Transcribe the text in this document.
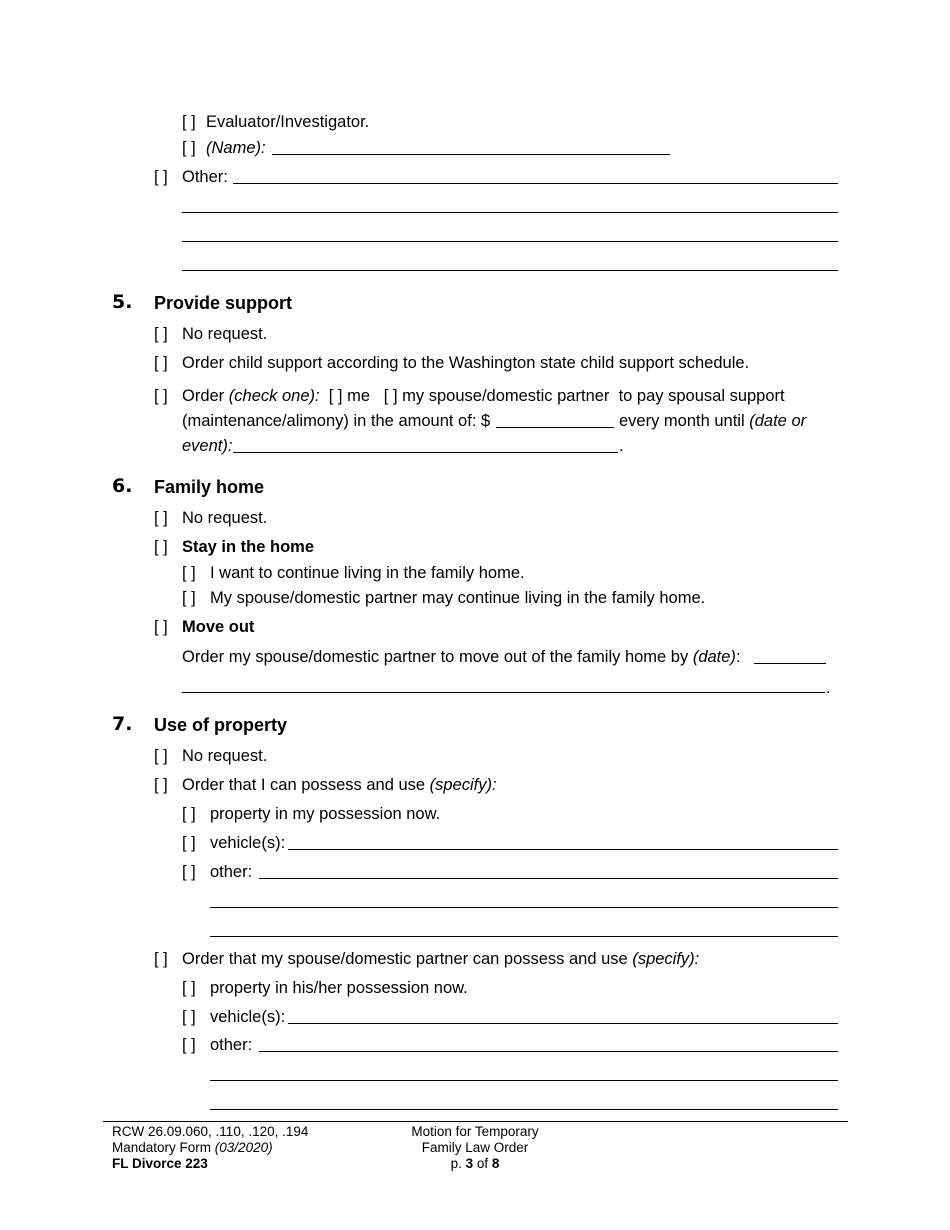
[ ] Evaluator/Investigator.
[ ] (Name):
[ ] Other:
5. Provide support
[ ] No request.
[ ] Order child support according to the Washington state child support schedule.
[ ] Order (check one): [ ] me [ ] my spouse/domestic partner  to pay spousal support
(maintenance/alimony) in the amount of: $	every month until (date or
event):	.
6. Family home
[ ] No request.
[ ] Stay in the home
[ ] I want to continue living in the family home.
[ ] My spouse/domestic partner may continue living in the family home.
[ ] Move out
Order my spouse/domestic partner to move out of the family home by (date):
.
7. Use of property
[ ] No request.
[ ] Order that I can possess and use (specify):
[ ] property in my possession now.
[ ] vehicle(s):
[ ] other:
[ ] Order that my spouse/domestic partner can possess and use (specify):
[ ] property in his/her possession now.
[ ] vehicle(s):
[ ] other:
RCW 26.09.060, .110, .120, .194
Mandatory Form (03/2020)
FL Divorce 223
Motion for Temporary
Family Law Order
p. 3 of 8
